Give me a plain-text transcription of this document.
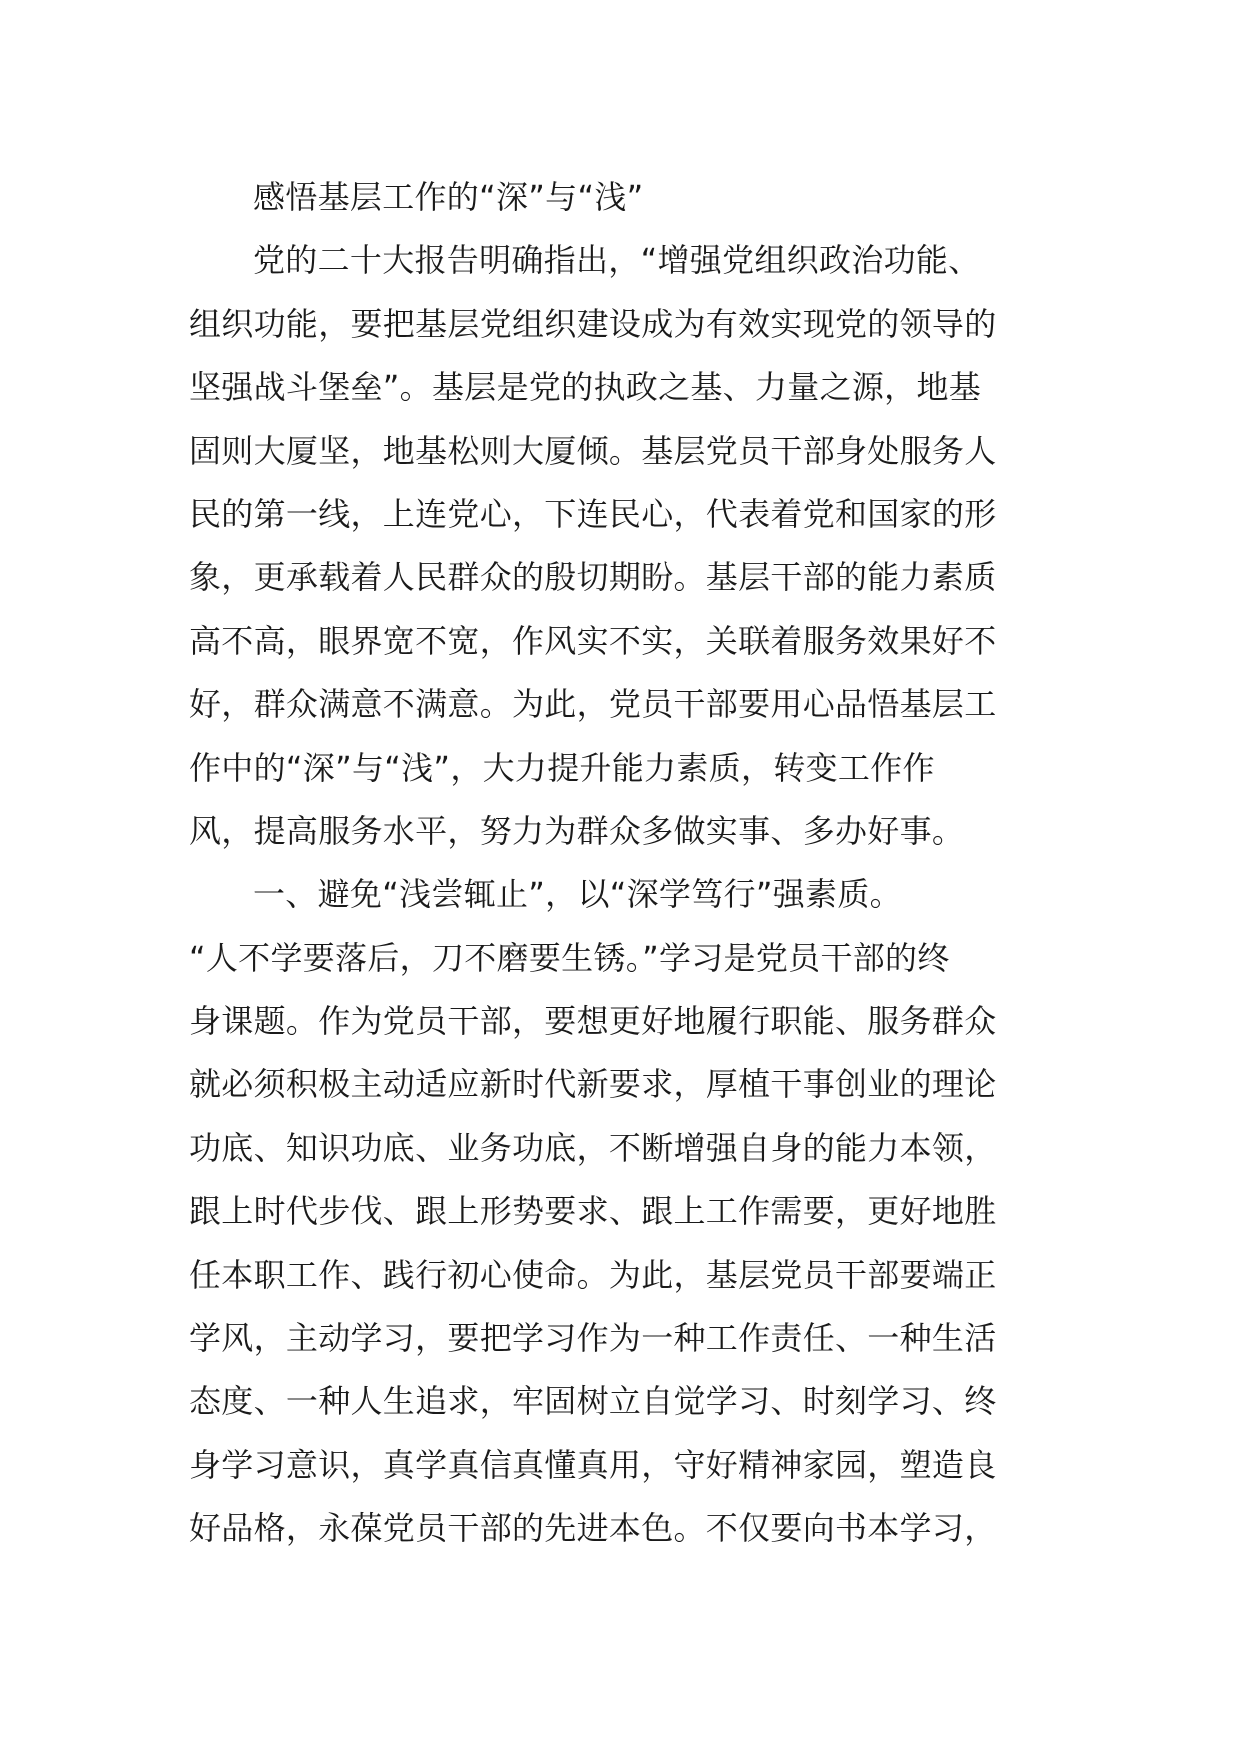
感悟基层工作的“深”与“浅”
党的二十大报告明确指出，“增强党组织政治功能、
组织功能，要把基层党组织建设成为有效实现党的领导的
坚强战斗堡垒”。基层是党的执政之基、力量之源，地基
固则大厦坚，地基松则大厦倾。基层党员干部身处服务人
民的第一线，上连党心，下连民心，代表着党和国家的形
象，更承载着人民群众的殷切期盼。基层干部的能力素质
高不高，眼界宽不宽，作风实不实，关联着服务效果好不
好，群众满意不满意。为此，党员干部要用心品悟基层工
作中的“深”与“浅”，大力提升能力素质，转变工作作
风，提高服务水平，努力为群众多做实事、多办好事。
一、避免“浅尝辄止”，以“深学笃行”强素质。
“人不学要落后，刀不磨要生锈。”学习是党员干部的终
身课题。作为党员干部，要想更好地履行职能、服务群众
就必须积极主动适应新时代新要求，厚植干事创业的理论
功底、知识功底、业务功底，不断增强自身的能力本领，
跟上时代步伐、跟上形势要求、跟上工作需要，更好地胜
任本职工作、践行初心使命。为此，基层党员干部要端正
学风，主动学习，要把学习作为一种工作责任、一种生活
态度、一种人生追求，牢固树立自觉学习、时刻学习、终
身学习意识，真学真信真懂真用，守好精神家园，塑造良
好品格，永葆党员干部的先进本色。不仅要向书本学习，
